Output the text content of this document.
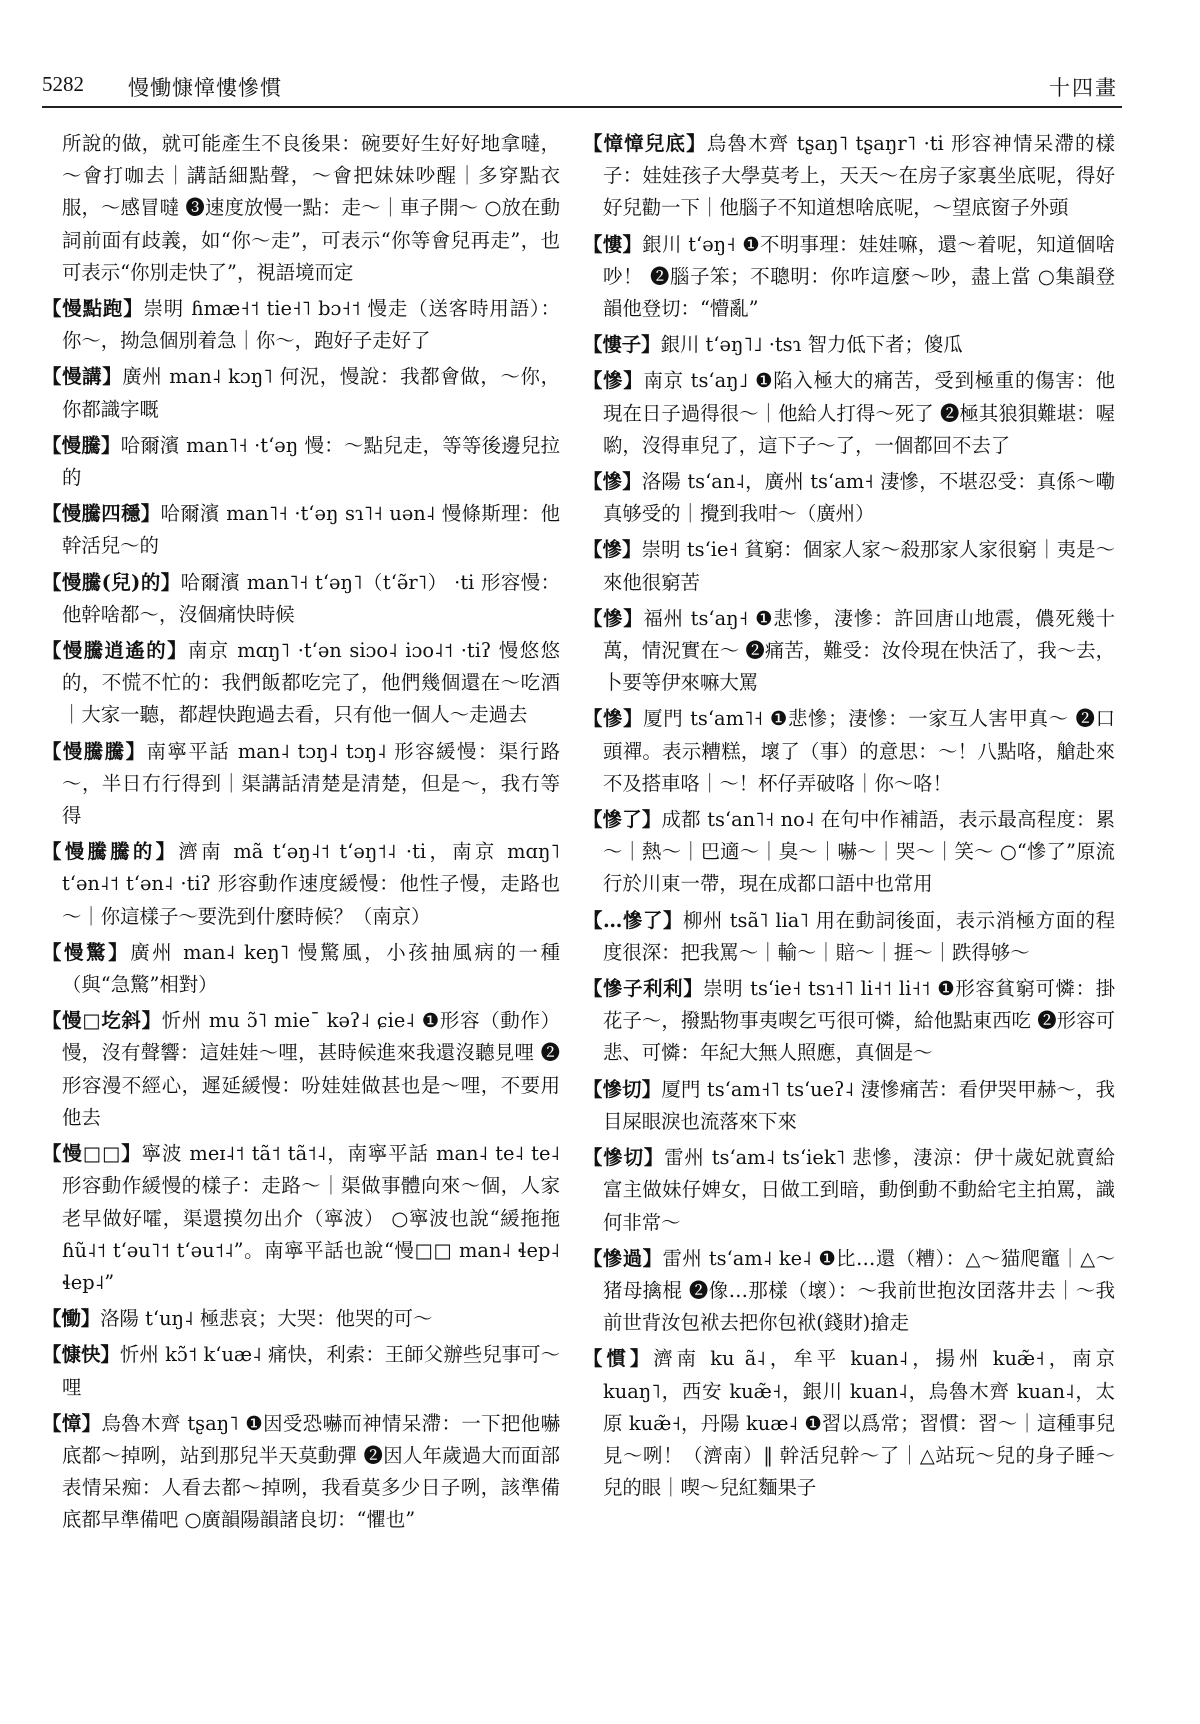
5282 慢慟慷慞慺慘慣	十四畫
所說的做，就可能產生不良後果：碗要好生好好地拿噠，～會打咖去｜講話細點聲，～會把妹妹吵醒｜多穿點衣服，～感冒噠 ❸速度放慢一點：走～｜車子開～ ○放在動詞前面有歧義，如“你～走”，可表示“你等會兒再走”，也可表示“你別走快了”，視語境而定
【慢點跑】崇明 ɦmæ˧˦ tie˧˥ bɔ˧˦ 慢走（送客時用語）：你～，拗急個別着急｜你～，跑好子走好了
【慢講】廣州 man˨ kɔŋ˥ 何況，慢說：我都會做，～你，你都識字嘅
【慢騰】哈爾濱 man˥˧ ·tʻəŋ 慢：～點兒走，等等後邊兒拉的
【慢騰四穩】哈爾濱 man˥˧ ·tʻəŋ sɿ˥˧ uən˨ 慢條斯理：他幹活兒～的
【慢騰(兒)的】哈爾濱 man˥˧ tʻəŋ˥（tʻə̃r˥） ·ti 形容慢：他幹啥都～，沒個痛快時候
【慢騰逍遙的】南京 mɑŋ˥ ·tʻən siɔo˨ iɔo˨˦ ·tiʔ 慢悠悠的，不慌不忙的：我們飯都吃完了，他們幾個還在～吃酒｜大家一聽，都趕快跑過去看，只有他一個人～走過去
【慢騰騰】南寧平話 man˨ tɔŋ˨ tɔŋ˨ 形容緩慢：渠行路～，半日冇行得到｜渠講話清楚是清楚，但是～，我冇等得
【慢騰騰的】濟南 mã tʻəŋ˨˦ tʻəŋ˦˨ ·ti，南京 mɑŋ˥ tʻən˨˦ tʻən˨ ·tiʔ 形容動作速度緩慢：他性子慢，走路也～｜你這樣子～要洗到什麼時候？（南京）
【慢驚】廣州 man˨ keŋ˥ 慢驚風，小孩抽風病的一種（與“急驚”相對）
【慢□圪斜】忻州 mu ɔ̃˥ mieˉ kəʔ˨ ɕie˨ ❶形容（動作）慢，沒有聲響：這娃娃～哩，甚時候進來我還沒聽見哩 ❷形容漫不經心，遲延緩慢：吩娃娃做甚也是～哩，不要用他去
【慢□□】寧波 meɪ˨˦ tã˦ tã˦˨，南寧平話 man˨ te˨ te˨ 形容動作緩慢的樣子：走路～｜渠做事體向來～個，人家老早做好嚯，渠還摸勿出介（寧波） ○寧波也說“緩拖拖 ɦũ˨˦ tʻəu˥˦ tʻəu˦˨”。南寧平話也說“慢□□ man˨ ɬep˨ ɬep˨”
【慟】洛陽 tʻuŋ˨ 極悲哀；大哭：他哭的可～
【慷快】忻州 kɔ̃˦ kʻuæ˨ 痛快，利索：王師父辦些兒事可～哩
【慞】烏魯木齊 tʂaŋ˥ ❶因受恐嚇而神情呆滯：一下把他嚇底都～掉咧，站到那兒半天莫動彈 ❷因人年歲過大而面部表情呆痴：人看去都～掉咧，我看莫多少日子咧，該準備底都早準備吧 ○廣韻陽韻諸良切：“懼也”
【慞慞兒底】烏魯木齊 tʂaŋ˥ tʂaŋr˥ ·ti 形容神情呆滯的樣子：娃娃孩子大學莫考上，天天～在房子家裏坐底呢，得好好兒勸一下｜他腦子不知道想啥底呢，～望底窗子外頭
【慺】銀川 tʻəŋ˧ ❶不明事理：娃娃嘛，還～着呢，知道個啥吵！ ❷腦子笨；不聰明：你咋這麼～吵，盡上當 ○集韻登韻他登切：“懵亂”
【慺子】銀川 tʻəŋ˥˩ ·tsɿ 智力低下者；傻瓜
【慘】南京 tsʻaŋ˩ ❶陷入極大的痛苦，受到極重的傷害：他現在日子過得很～｜他給人打得～死了 ❷極其狼狽難堪：喔喲，沒得車兒了，這下子～了，一個都回不去了
【慘】洛陽 tsʻan˨，廣州 tsʻam˧ 淒慘，不堪忍受：真係～嘞真够受的｜攪到我咁～（廣州）
【慘】崇明 tsʻie˧ 貧窮：個家人家～殺那家人家很窮｜夷是～來他很窮苦
【慘】福州 tsʻaŋ˧ ❶悲慘，淒慘：許回唐山地震，儂死幾十萬，情況實在～ ❷痛苦，難受：汝伶現在快活了，我～去，卜要等伊來嘛大罵
【慘】厦門 tsʻam˥˧ ❶悲慘；淒慘：一家互人害甲真～ ❷口頭禪。表示糟糕，壞了（事）的意思：～！八點咯，艙赴來不及搭車咯｜～！杯仔弄破咯｜你～咯！
【慘了】成都 tsʻan˥˧ no˨ 在句中作補語，表示最高程度：累～｜熱～｜巴適～｜臭～｜嚇～｜哭～｜笑～ ○“慘了”原流行於川東一帶，現在成都口語中也常用
【…慘了】柳州 tsã˥ lia˥ 用在動詞後面，表示消極方面的程度很深：把我罵～｜輸～｜賠～｜捱～｜跌得够～
【慘子利利】崇明 tsʻie˧ tsɿ˧˥ li˧˦ li˧˦ ❶形容貧窮可憐：掛花子～，撥點物事夷喫乞丐很可憐，給他點東西吃 ❷形容可悲、可憐：年紀大無人照應，真個是～
【慘切】厦門 tsʻam˧˥ tsʻueʔ˨ 淒慘痛苦：看伊哭甲赫～，我目屎眼淚也流落來下來
【慘切】雷州 tsʻam˨ tsʻiek˥ 悲慘，淒涼：伊十歲妃就賣給富主做妹仔婢女，日做工到暗，動倒動不動給宅主拍罵，識何非常～
【慘過】雷州 tsʻam˨ ke˨ ❶比…還（糟）：△～猫爬竈｜△～猪母擒棍 ❷像…那樣（壞）：～我前世抱汝囝落井去｜～我前世背汝包袱去把你包袱(錢財)搶走
【慣】濟南 ku ã˨，牟平 kuan˨，揚州 kuæ̃˧，南京 kuaŋ˥，西安 kuæ̃˧，銀川 kuan˨，烏魯木齊 kuan˨，太原 kuæ̃˧，丹陽 kuæ˨ ❶習以爲常；習慣：習～｜這種事兒見～咧！（濟南）‖ 幹活兒幹～了｜△站玩～兒的身子睡～兒的眼｜喫～兒紅麵果子
